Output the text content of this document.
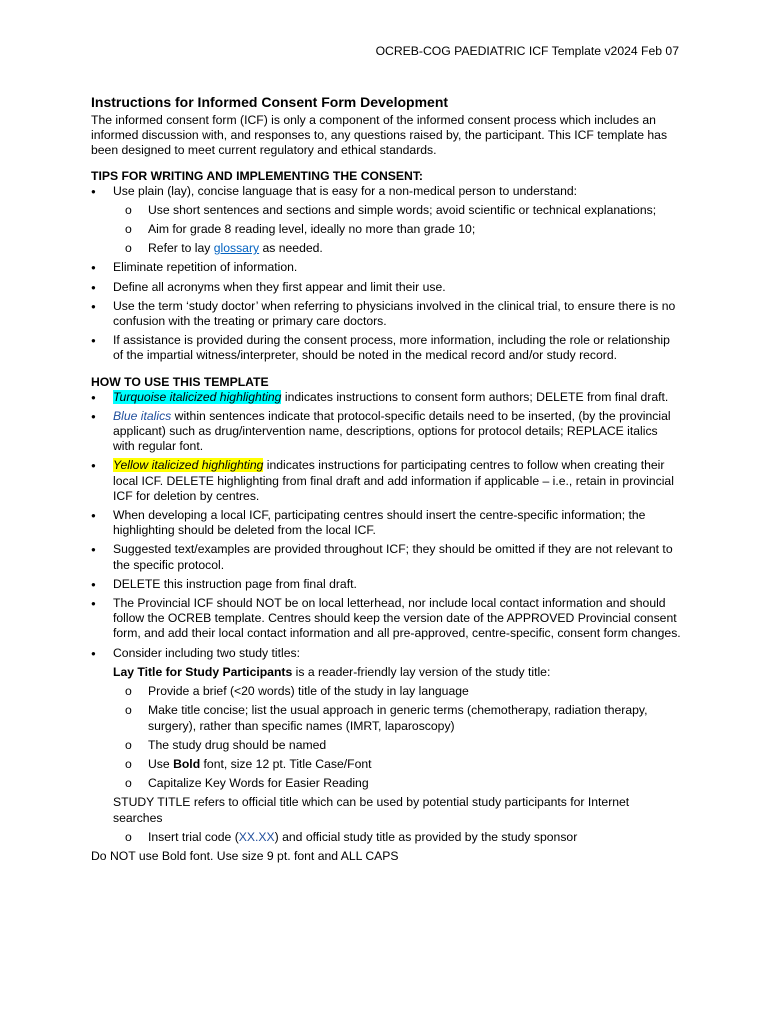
OCREB-COG PAEDIATRIC ICF Template v2024 Feb 07
Instructions for Informed Consent Form Development

The informed consent form (ICF) is only a component of the informed consent process which includes an informed discussion with, and responses to, any questions raised by, the participant. This ICF template has been designed to meet current regulatory and ethical standards.

TIPS FOR WRITING AND IMPLEMENTING THE CONSENT:
● Use plain (lay), concise language that is easy for a non-medical person to understand:
o Use short sentences and sections and simple words; avoid scientific or technical explanations;
o Aim for grade 8 reading level, ideally no more than grade 10;
o Refer to lay glossary as needed.
● Eliminate repetition of information.
● Define all acronyms when they first appear and limit their use.
● Use the term ‘study doctor’ when referring to physicians involved in the clinical trial, to ensure there is no confusion with the treating or primary care doctors.
● If assistance is provided during the consent process, more information, including the role or relationship of the impartial witness/interpreter, should be noted in the medical record and/or study record.
HOW TO USE THIS TEMPLATE
● Turquoise italicized highlighting indicates instructions to consent form authors; DELETE from final draft.
● Blue italics within sentences indicate that protocol-specific details need to be inserted, (by the provincial applicant) such as drug/intervention name, descriptions, options for protocol details; REPLACE italics with regular font.
● Yellow italicized highlighting indicates instructions for participating centres to follow when creating their local ICF. DELETE highlighting from final draft and add information if applicable – i.e., retain in provincial ICF for deletion by centres.
● When developing a local ICF, participating centres should insert the centre-specific information; the highlighting should be deleted from the local ICF.
● Suggested text/examples are provided throughout ICF; they should be omitted if they are not relevant to the specific protocol.
● DELETE this instruction page from final draft.
● The Provincial ICF should NOT be on local letterhead, nor include local contact information and should follow the OCREB template. Centres should keep the version date of the APPROVED Provincial consent form, and add their local contact information and all pre-approved, centre-specific, consent form changes.
● Consider including two study titles:

Lay Title for Study Participants is a reader-friendly lay version of the study title:

o Provide a brief (<20 words) title of the study in lay language
o Make title concise; list the usual approach in generic terms (chemotherapy, radiation therapy, surgery), rather than specific names (IMRT, laparoscopy)
o The study drug should be named
o Use Bold font, size 12 pt. Title Case/Font
o Capitalize Key Words for Easier Reading

STUDY TITLE refers to official title which can be used by potential study participants for Internet searches

o Insert trial code (XX.XX) and official study title as provided by the study sponsor

Do NOT use Bold font. Use size 9 pt. font and ALL CAPS
